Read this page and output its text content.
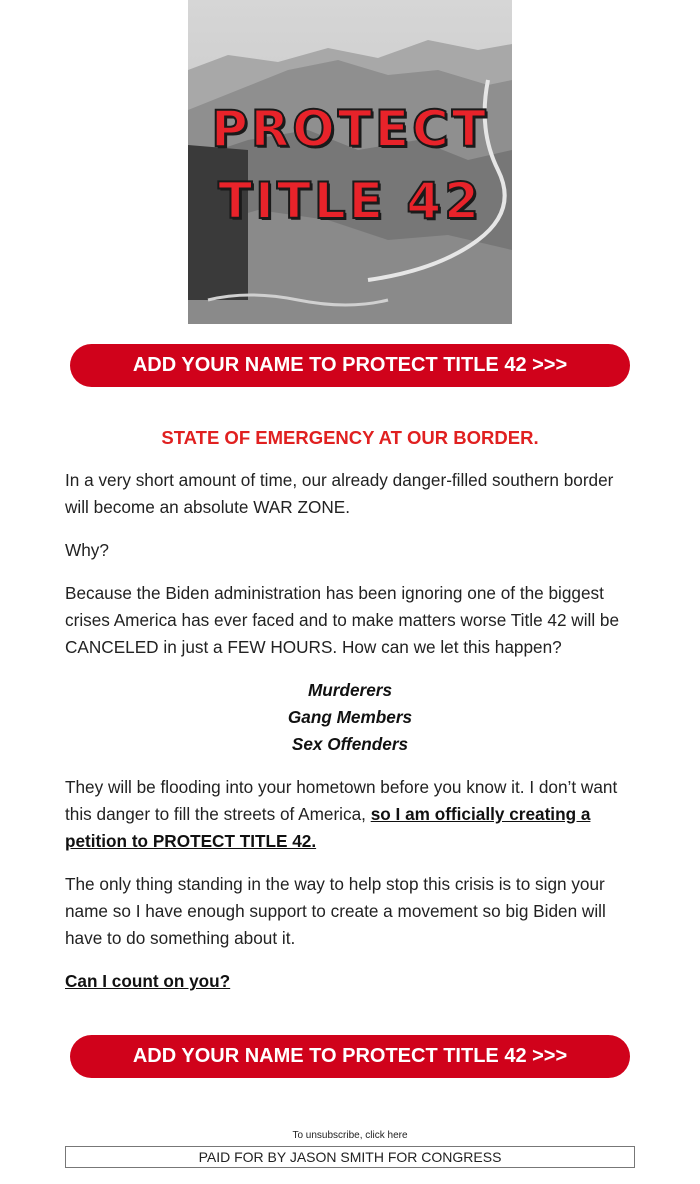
PROTECT
TITLE 42
ADD YOUR NAME TO PROTECT TITLE 42 >>>
STATE OF EMERGENCY AT OUR BORDER.

In a very short amount of time, our already danger-filled southern border will become an absolute WAR ZONE.

Why?

Because the Biden administration has been ignoring one of the biggest crises America has ever faced and to make matters worse Title 42 will be CANCELED in just a FEW HOURS. How can we let this happen?

Murderers
Gang Members
Sex Offenders

They will be flooding into your hometown before you know it. I don’t want this danger to fill the streets of America, so I am officially creating a petition to PROTECT TITLE 42.

The only thing standing in the way to help stop this crisis is to sign your name so I have enough support to create a movement so big Biden will have to do something about it.

Can I count on you?

ADD YOUR NAME TO PROTECT TITLE 42 >>>
To unsubscribe, click here
PAID FOR BY JASON SMITH FOR CONGRESS
